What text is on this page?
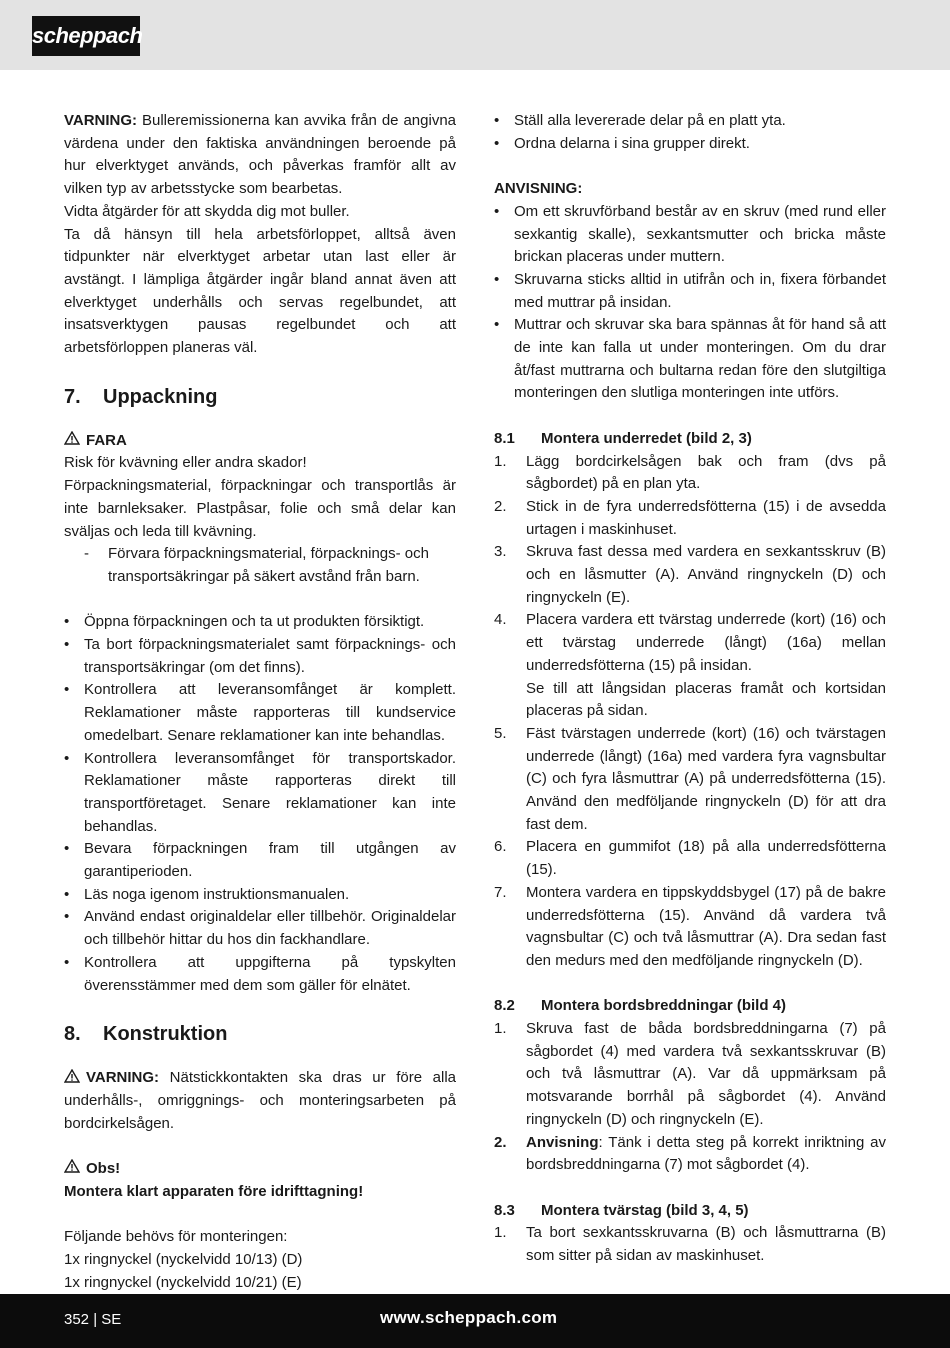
scheppach

VARNING: Bulleremissionerna kan avvika från de angivna värdena under den faktiska användningen beroende på hur elverktyget används, och påverkas framför allt av vilken typ av arbetsstycke som bearbetas.

Vidta åtgärder för att skydda dig mot buller.

Ta då hänsyn till hela arbetsförloppet, alltså även tidpunkter när elverktyget arbetar utan last eller är avstängt. I lämpliga åtgärder ingår bland annat även att elverktyget underhålls och servas regelbundet, att insatsverktygen pausas regelbundet och att arbetsförloppen planeras väl.

7.	Uppackning
FARA

Risk för kvävning eller andra skador!

Förpackningsmaterial, förpackningar och transportlås är inte barnleksaker. Plastpåsar, folie och små delar kan sväljas och leda till kvävning.

- Förvara förpackningsmaterial, förpacknings- och transportsäkringar på säkert avstånd från barn.
• Öppna förpackningen och ta ut produkten försiktigt.
• Ta bort förpackningsmaterialet samt förpacknings- och transportsäkringar (om det finns).
• Kontrollera att leveransomfånget är komplett. Reklamationer måste rapporteras till kundservice omedelbart. Senare reklamationer kan inte behandlas.
• Kontrollera leveransomfånget för transportskador. Reklamationer måste rapporteras direkt till transportföretaget. Senare reklamationer kan inte behandlas.
• Bevara förpackningen fram till utgången av garantiperioden.
• Läs noga igenom instruktionsmanualen.
• Använd endast originaldelar eller tillbehör. Originaldelar och tillbehör hittar du hos din fackhandlare.
• Kontrollera att uppgifterna på typskylten överensstämmer med dem som gäller för elnätet.
8.	Konstruktion

VARNING: Nätstickkontakten ska dras ur före alla underhålls-, omriggnings- och monteringsarbeten på bordcirkelsågen.

Obs!

Montera klart apparaten före idrifttagning!

Följande behövs för monteringen:

1x ringnyckel (nyckelvidd 10/13) (D)

1x ringnyckel (nyckelvidd 10/21) (E)

• Ställ alla levererade delar på en platt yta.
• Ordna delarna i sina grupper direkt.

ANVISNING:

• Om ett skruvförband består av en skruv (med rund eller sexkantig skalle), sexkantsmutter och bricka måste brickan placeras under muttern.
• Skruvarna sticks alltid in utifrån och in, fixera förbandet med muttrar på insidan.
• Muttrar och skruvar ska bara spännas åt för hand så att de inte kan falla ut under monteringen. Om du drar åt/fast muttrarna och bultarna redan före den slutgiltiga monteringen den slutliga monteringen inte utförs.
8.1	Montera underredet (bild 2, 3)
1. Lägg bordcirkelsågen bak och fram (dvs på sågbordet) på en plan yta.
2. Stick in de fyra underredsfötterna (15) i de avsedda urtagen i maskinhuset.
3. Skruva fast dessa med vardera en sexkantsskruv (B) och en låsmutter (A). Använd ringnyckeln (D) och ringnyckeln (E).
4. Placera vardera ett tvärstag underrede (kort) (16) och ett tvärstag underrede (långt) (16a) mellan underredsfötterna (15) på insidan.
Se till att långsidan placeras framåt och kortsidan placeras på sidan.
5. Fäst tvärstagen underrede (kort) (16) och tvärstagen underrede (långt) (16a) med vardera fyra vagnsbultar (C) och fyra låsmuttrar (A) på underredsfötterna (15). Använd den medföljande ringnyckeln (D) för att dra fast dem.
6. Placera en gummifot (18) på alla underredsfötterna (15).
7. Montera vardera en tippskyddsbygel (17) på de bakre underredsfötterna (15). Använd då vardera två vagnsbultar (C) och två låsmuttrar (A). Dra sedan fast den medurs med den medföljande ringnyckeln (D).
8.2	Montera bordsbreddningar (bild 4)
1. Skruva fast de båda bordsbreddningarna (7) på sågbordet (4) med vardera två sexkantsskruvar (B) och två låsmuttrar (A). Var då uppmärksam på motsvarande borrhål på sågbordet (4). Använd ringnyckeln (D) och ringnyckeln (E).
2. Anvisning: Tänk i detta steg på korrekt inriktning av bordsbreddningarna (7) mot sågbordet (4).
8.3	Montera tvärstag (bild 3, 4, 5)
1. Ta bort sexkantsskruvarna (B) och låsmuttrarna (B) som sitter på sidan av maskinhuset.
352 | SE	www.scheppach.com
